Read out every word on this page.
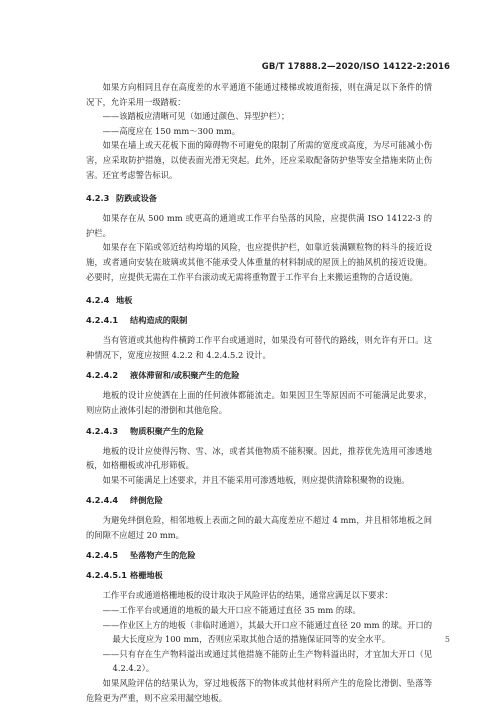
GB/T 17888.2—2020/ISO 14122-2:2016

如果方向相同且存在高度差的水平通道不能通过楼梯或坡道衔接，则在满足以下条件的情况下，允许采用一级踏板：

——该踏板应清晰可见（如通过颜色、异型护栏）；

——高度应在 150 mm～300 mm。

如果在墙上或天花板下面的障碍物不可避免的限制了所需的宽度或高度，为尽可能减小伤害，应采取防护措施，以使表面光滑无突起。此外，还应采取配备防护垫等安全措施来防止伤害。还宜考虑警告标识。

4.2.3 防跌或设备

如果存在从 500 mm 或更高的通道或工作平台坠落的风险，应提供满 ISO 14122-3 的护栏。

如果存在下陷或邻近结构垮塌的风险，也应提供护栏，如靠近装满颗粒物的料斗的接近设施，或者通向安装在玻璃或其他不能承受人体重量的材料制成的屋顶上的抽风机的接近设施。必要时，应提供无需在工作平台滚动或无需将重物置于工作平台上来搬运重物的合适设施。

4.2.4 地板

4.2.4.1 结构造成的限制

当有管道或其他构件横跨工作平台或通道时，如果没有可替代的路线，则允许有开口。这种情况下，宽度应按照 4.2.2 和 4.2.4.5.2 设计。

4.2.4.2 液体滞留和/或积聚产生的危险

地板的设计应使洒在上面的任何液体都能流走。如果因卫生等原因而不可能满足此要求，则应防止液体引起的滑倒和其他危险。

4.2.4.3 物质积聚产生的危险

地板的设计应使得污物、雪、冰，或者其他物质不能积聚。因此，推荐优先选用可渗透地板，如格栅板或冲孔形筛板。

如果不可能满足上述要求，并且不能采用可渗透地板，则应提供清除积聚物的设施。

4.2.4.4 绊倒危险

为避免绊倒危险，相邻地板上表面之间的最大高度差应不超过 4 mm，并且相邻地板之间的间隙不应超过 20 mm。

4.2.4.5 坠落物产生的危险

4.2.4.5.1 格栅地板

工作平台或通道格栅地板的设计取决于风险评估的结果，通常应满足以下要求：

——工作平台或通道的地板的最大开口应不能通过直径 35 mm 的球。

——作业区上方的地板（非临时通道），其最大开口应不能通过直径 20 mm 的球。开口的最大长度应为 100 mm，否则应采取其他合适的措施保证同等的安全水平。

——只有存在生产物料溢出或通过其他措施不能防止生产物料溢出时，才宜加大开口（见 4.2.4.2）。

如果风险评估的结果认为，穿过地板落下的物体或其他材料所产生的危险比滑倒、坠落等危险更为严重，则不应采用漏空地板。

5
